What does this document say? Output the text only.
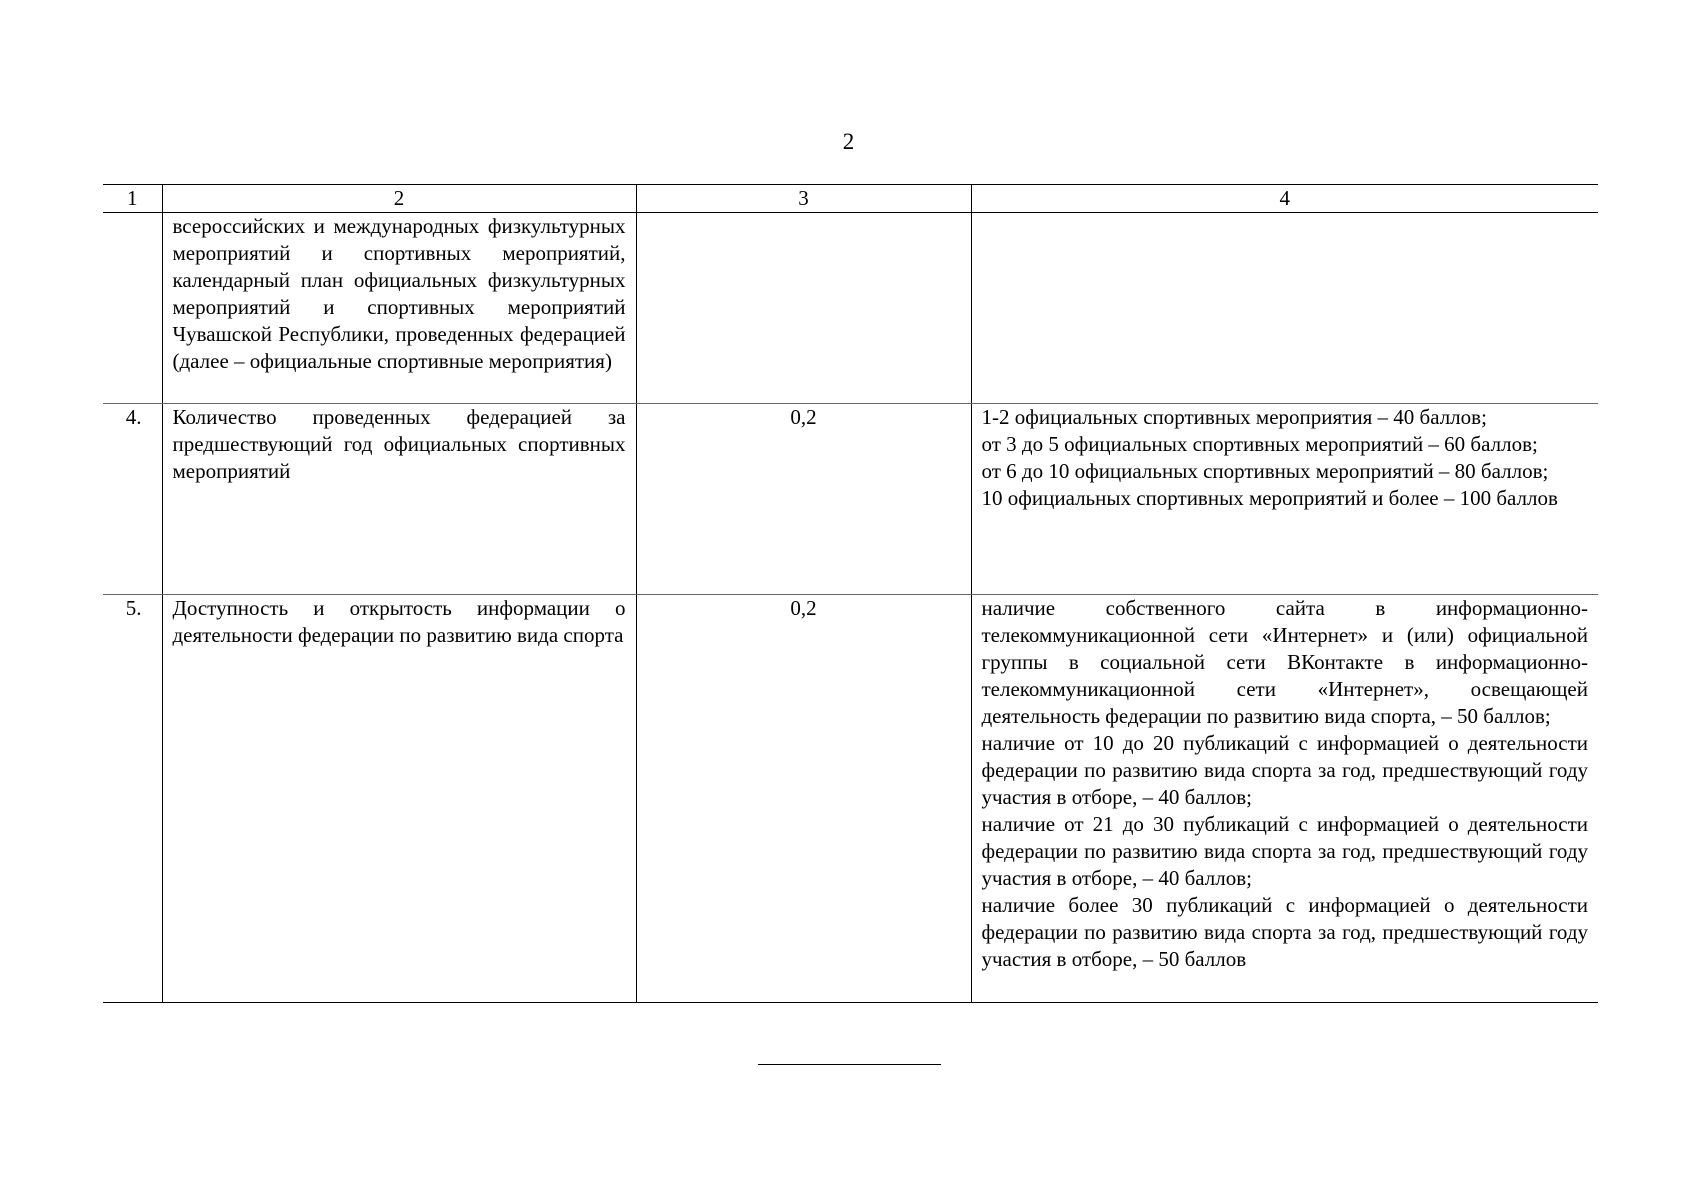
2
1	2	3	4
	всероссийских и международных физкультурных мероприятий и спортивных мероприятий, календарный план официальных физкультурных мероприятий и спортивных мероприятий Чувашской Республики, проведенных федерацией (далее – официальные спортивные мероприятия)		
4.	Количество проведенных федерацией за предшествующий год официальных спортивных мероприятий	0,2	1-2 официальных спортивных мероприятия – 40 баллов;

от 3 до 5 официальных спортивных мероприятий – 60 баллов;

от 6 до 10 официальных спортивных мероприятий – 80 баллов;

10 официальных спортивных мероприятий и более – 100 баллов

5.	Доступность и открытость информации о деятельности федерации по развитию вида спорта	0,2	наличие собственного сайта в информационно-телекоммуникационной сети «Интернет» и (или) официальной группы в социальной сети ВКонтакте в информационно-телекоммуникационной сети «Интернет», освещающей деятельность федерации по развитию вида спорта, – 50 баллов;

наличие от 10 до 20 публикаций с информацией о деятельности федерации по развитию вида спорта за год, предшествующий году участия в отборе, – 40 баллов;

наличие от 21 до 30 публикаций с информацией о деятельности федерации по развитию вида спорта за год, предшествующий году участия в отборе, – 40 баллов;

наличие более 30 публикаций с информацией о деятельности федерации по развитию вида спорта за год, предшествующий году участия в отборе, – 50 баллов
